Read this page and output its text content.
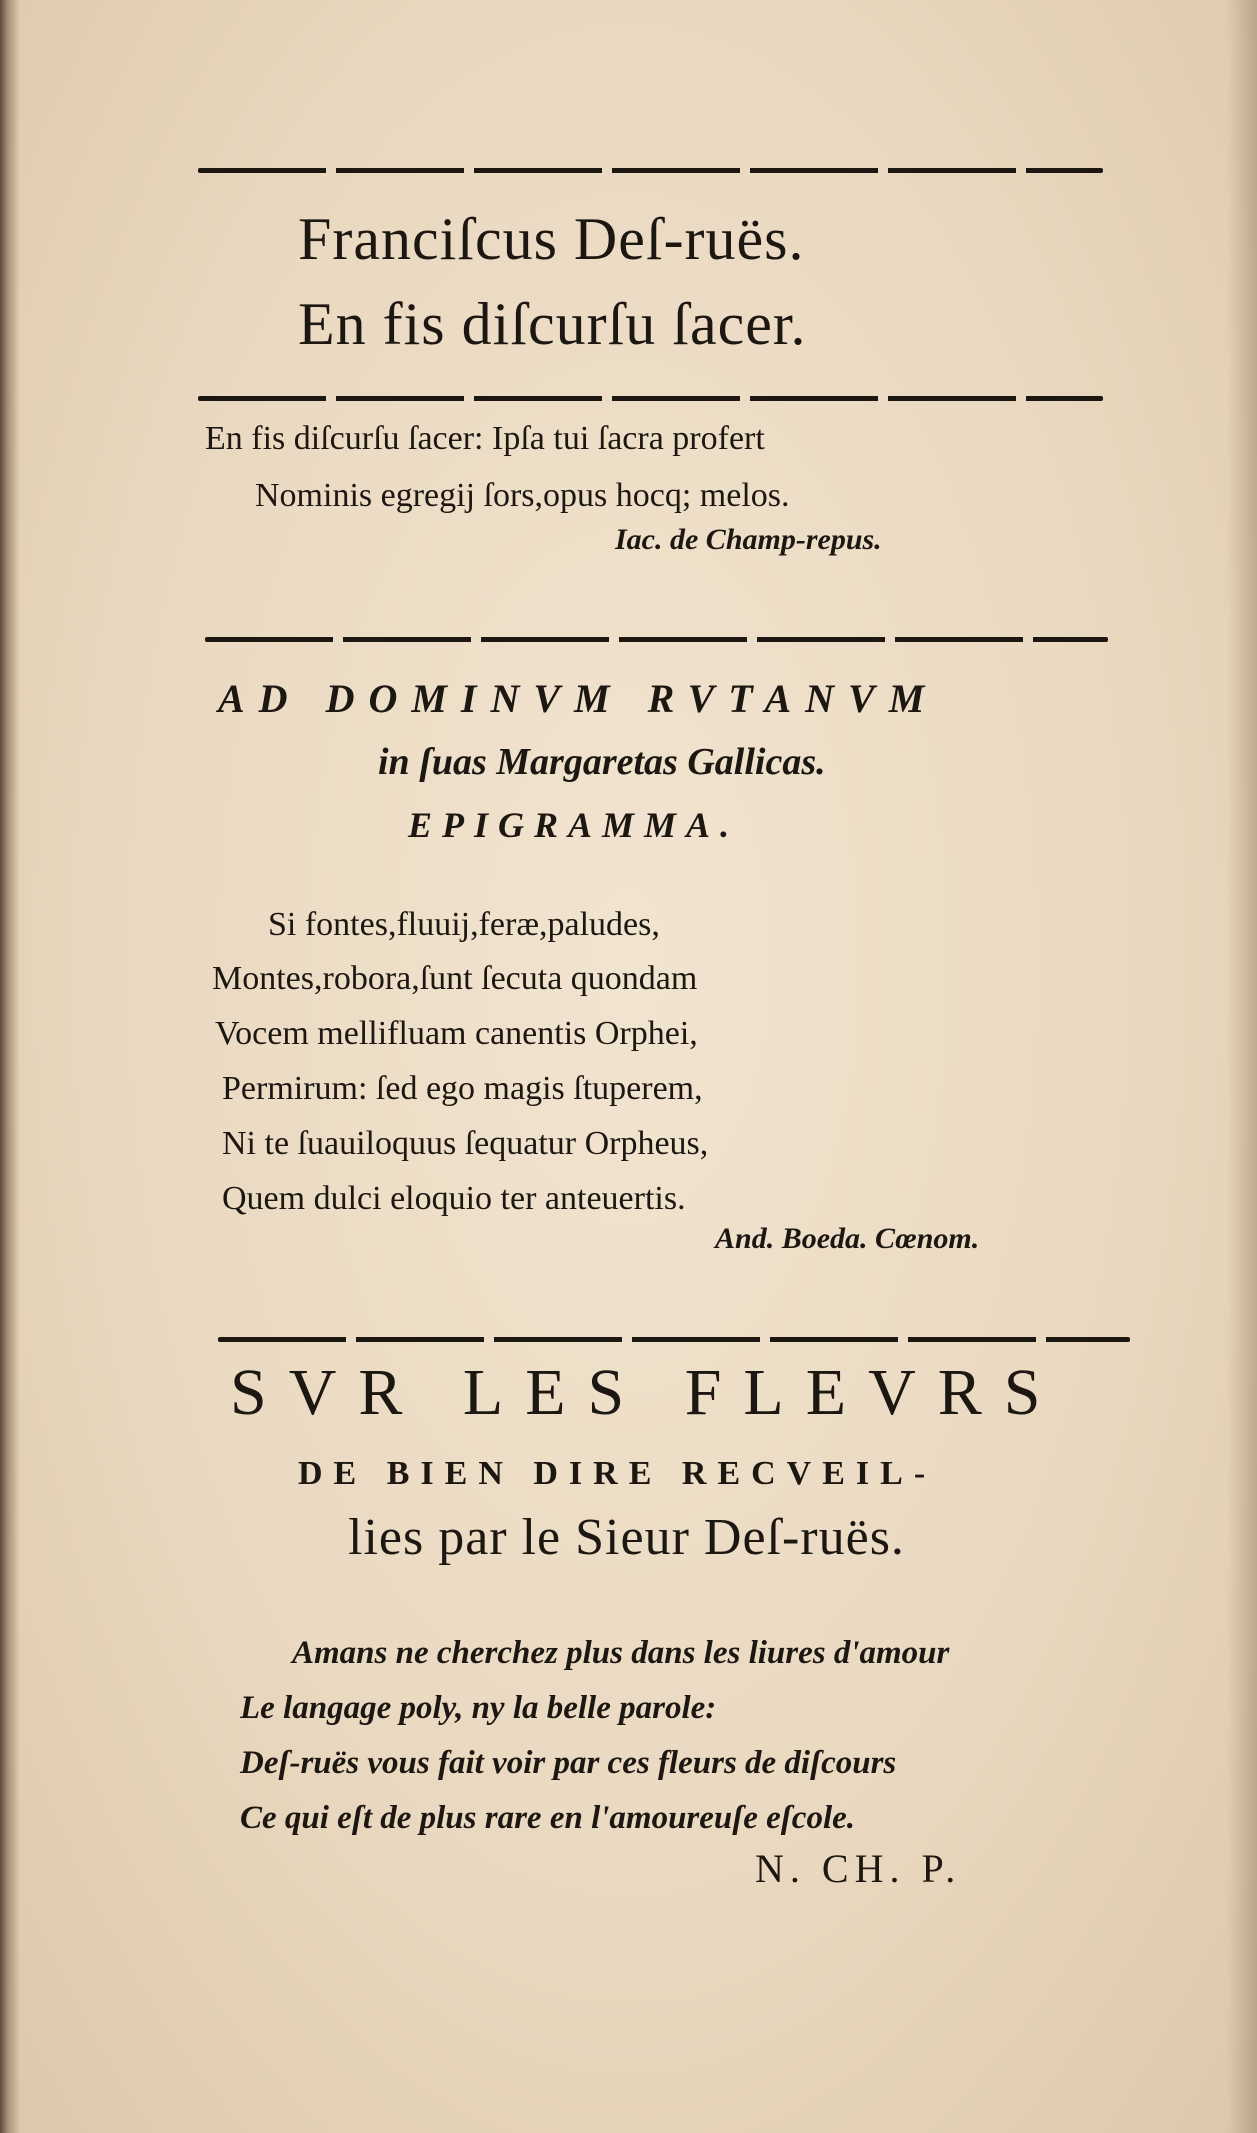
Franciſcus Deſ-ruës.
En fis diſcurſu ſacer.
En fis diſcurſu ſacer: Ipſa tui ſacra profert
Nominis egregij ſors,opus hocq; melos.
Iac. de Champ-repus.
AD DOMINVM RVTANVM
in ſuas Margaretas Gallicas.
EPIGRAMMA.
Si fontes,fluuij,feræ,paludes,
Montes,robora,ſunt ſecuta quondam
Vocem mellifluam canentis Orphei,
Permirum: ſed ego magis ſtuperem,
Ni te ſuauiloquus ſequatur Orpheus,
Quem dulci eloquio ter anteuertis.
And. Boeda. Cœnom.
SVR LES FLEVRS
DE BIEN DIRE RECVEIL-
lies par le Sieur Deſ-ruës.
Amans ne cherchez plus dans les liures d'amour
Le langage poly, ny la belle parole:
Deſ-ruës vous fait voir par ces fleurs de diſcours
Ce qui eſt de plus rare en l'amoureuſe eſcole.
N. CH. P.
